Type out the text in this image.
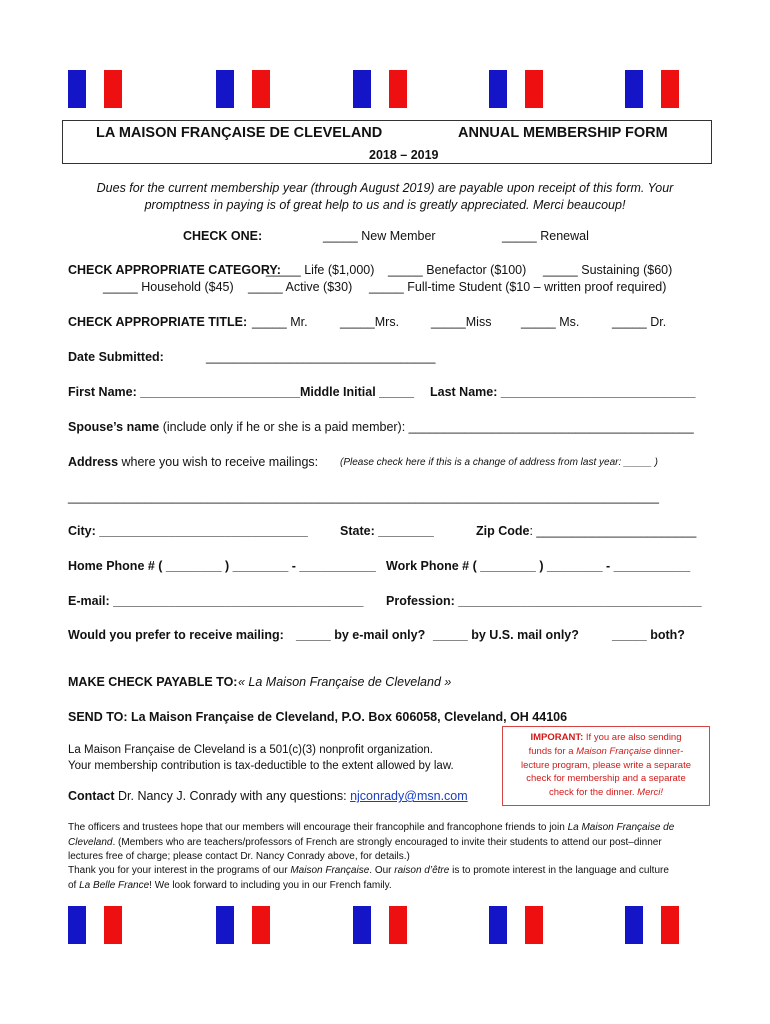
LA MAISON FRANÇAISE DE CLEVELAND	ANNUAL MEMBERSHIP FORM
2018 – 2019
Dues for the current membership year (through August 2019) are payable upon receipt of this form. Your
promptness in paying is of great help to us and is greatly appreciated. Merci beaucoup!
CHECK ONE:	_____ New Member	_____ Renewal
CHECK APPROPRIATE CATEGORY:
_____ Life ($1,000) _____ Benefactor ($100) _____ Sustaining ($60)
_____ Household ($45) _____ Active ($30) _____ Full-time Student ($10 – written proof required)
CHECK APPROPRIATE TITLE: _____ Mr.	_____Mrs.	_____Miss _____ Ms.	_____ Dr.
Date Submitted:	_________________________________
First Name: _______________________ Middle Initial _____ Last Name: ____________________________
Spouse’s name (include only if he or she is a paid member): _________________________________________
Address where you wish to receive mailings: (Please check here if this is a change of address from last year: _____ )
_____________________________________________________________________________________
City: ______________________________	State: ________	Zip Code: _______________________
Home Phone # ( ________ ) ________ - ___________ Work Phone # ( ________ ) ________ - ___________
E-mail: ____________________________________ Profession: ___________________________________
Would you prefer to receive mailing: _____ by e-mail only? _____ by U.S. mail only?	_____ both?
MAKE CHECK PAYABLE TO: « La Maison Française de Cleveland »
SEND TO: La Maison Française de Cleveland, P.O. Box 606058, Cleveland, OH 44106
La Maison Française de Cleveland is a 501(c)(3) nonprofit organization.
Your membership contribution is tax-deductible to the extent allowed by law.
Contact Dr. Nancy J. Conrady with any questions: njconrady@msn.com

IMPORANT: If you are also sending

funds for a Maison Française dinner-

lecture program, please write a separate

check for membership and a separate

check for the dinner. Merci!

The officers and trustees hope that our members will encourage their francophile and francophone friends to join La Maison Française de
Cleveland. (Members who are teachers/professors of French are strongly encouraged to invite their students to attend our post–dinner
lectures free of charge; please contact Dr. Nancy Conrady above, for details.)
Thank you for your interest in the programs of our Maison Française. Our raison d’être is to promote interest in the language and culture
of La Belle France! We look forward to including you in our French family.
